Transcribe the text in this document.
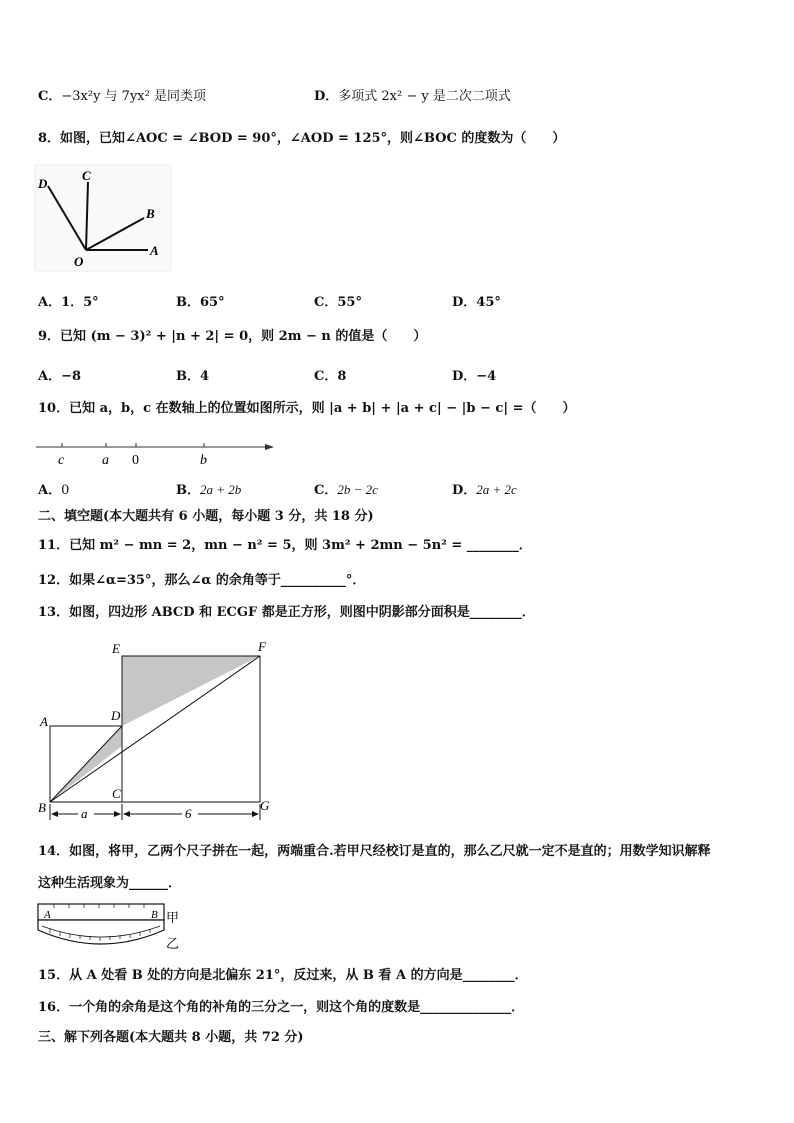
C．−3x²y 与 7yx² 是同类项	D．多项式 2x² − y 是二次二项式
8．如图，已知∠AOC = ∠BOD = 90°，∠AOD = 125°，则∠BOC 的度数为（　　）
D
C
B
A
O
A．1．5°	B．65°	C．55°	D．45°
9．已知 (m − 3)² + |n + 2| = 0，则 2m − n 的值是（　　）
A．−8	B．4	C．8	D．−4
10．已知 a，b，c 在数轴上的位置如图所示，则 |a + b| + |a + c| − |b − c| =（　　）
c	a 0	b
A．0	B．2a + 2b	C．2b − 2c	D．2a + 2c
二、填空题(本大题共有 6 小题，每小题 3 分，共 18 分)
11．已知 m² − mn = 2，mn − n² = 5，则 3m² + 2mn − 5n² = ________．
12．如果∠α=35°，那么∠α 的余角等于__________°．
13．如图，四边形 ABCD 和 ECGF 都是正方形，则图中阴影部分面积是________．
E	F
A	D
B
C
G
a	6
14．如图，将甲，乙两个尺子拼在一起，两端重合.若甲尺经校订是直的，那么乙尺就一定不是直的；用数学知识解释
这种生活现象为______．
A	B 甲
乙
15．从 A 处看 B 处的方向是北偏东 21°，反过来，从 B 看 A 的方向是________．
16．一个角的余角是这个角的补角的三分之一，则这个角的度数是______________．
三、解下列各题(本大题共 8 小题，共 72 分)
